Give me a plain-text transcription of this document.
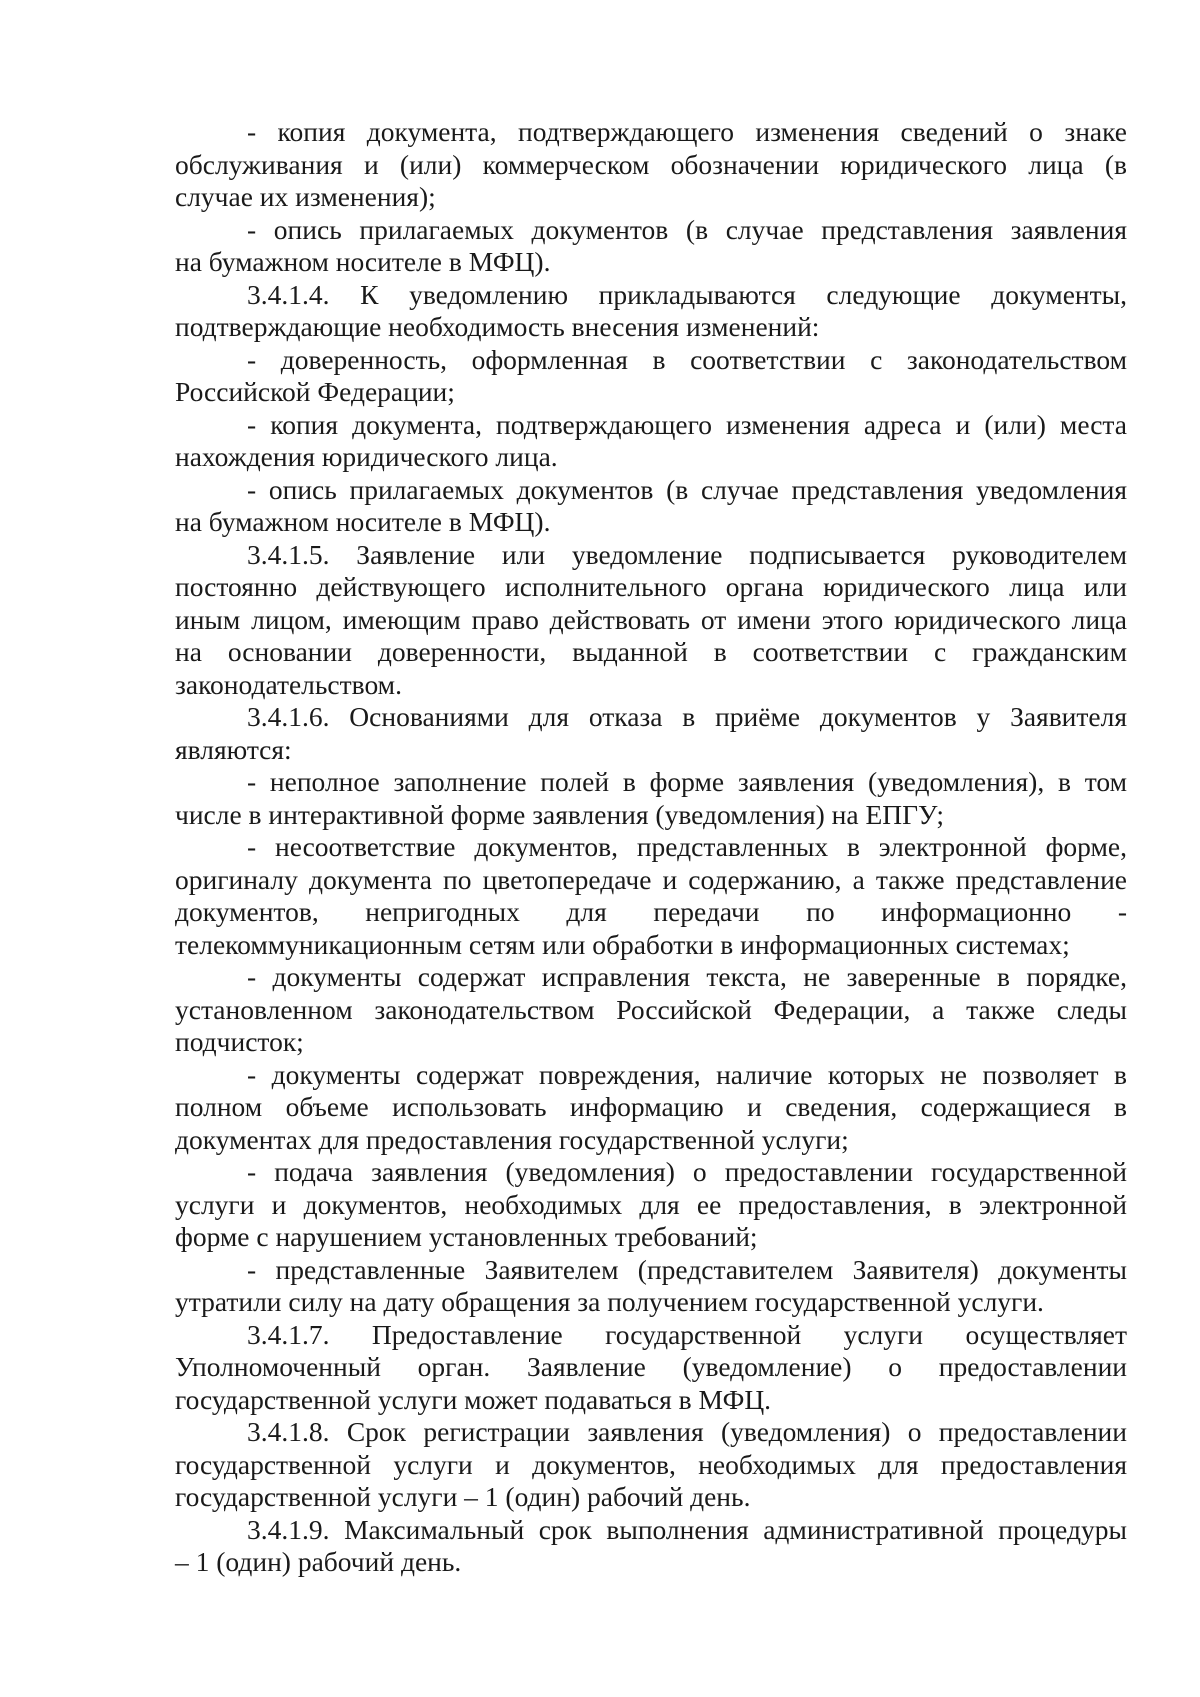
- копия документа, подтверждающего изменения сведений о знаке
обслуживания и (или) коммерческом обозначении юридического лица (в
случае их изменения);

- опись прилагаемых документов (в случае представления заявления
на бумажном носителе в МФЦ).

3.4.1.4. К уведомлению прикладываются следующие документы,
подтверждающие необходимость внесения изменений:

- доверенность, оформленная в соответствии с законодательством
Российской Федерации;

- копия документа, подтверждающего изменения адреса и (или) места
нахождения юридического лица.

- опись прилагаемых документов (в случае представления уведомления
на бумажном носителе в МФЦ).

3.4.1.5. Заявление или уведомление подписывается руководителем
постоянно действующего исполнительного органа юридического лица или
иным лицом, имеющим право действовать от имени этого юридического лица
на основании доверенности, выданной в соответствии с гражданским
законодательством.

3.4.1.6. Основаниями для отказа в приёме документов у Заявителя
являются:

- неполное заполнение полей в форме заявления (уведомления), в том
числе в интерактивной форме заявления (уведомления) на ЕПГУ;

- несоответствие документов, представленных в электронной форме,
оригиналу документа по цветопередаче и содержанию, а также представление
документов, непригодных для передачи по информационно -
телекоммуникационным сетям или обработки в информационных системах;

- документы содержат исправления текста, не заверенные в порядке,
установленном законодательством Российской Федерации, а также следы
подчисток;

- документы содержат повреждения, наличие которых не позволяет в
полном объеме использовать информацию и сведения, содержащиеся в
документах для предоставления государственной услуги;

- подача заявления (уведомления) о предоставлении государственной
услуги и документов, необходимых для ее предоставления, в электронной
форме с нарушением установленных требований;

- представленные Заявителем (представителем Заявителя) документы
утратили силу на дату обращения за получением государственной услуги.

3.4.1.7. Предоставление государственной услуги осуществляет
Уполномоченный орган. Заявление (уведомление) о предоставлении
государственной услуги может подаваться в МФЦ.

3.4.1.8. Срок регистрации заявления (уведомления) о предоставлении
государственной услуги и документов, необходимых для предоставления
государственной услуги – 1 (один) рабочий день.

3.4.1.9. Максимальный срок выполнения административной процедуры
– 1 (один) рабочий день.
